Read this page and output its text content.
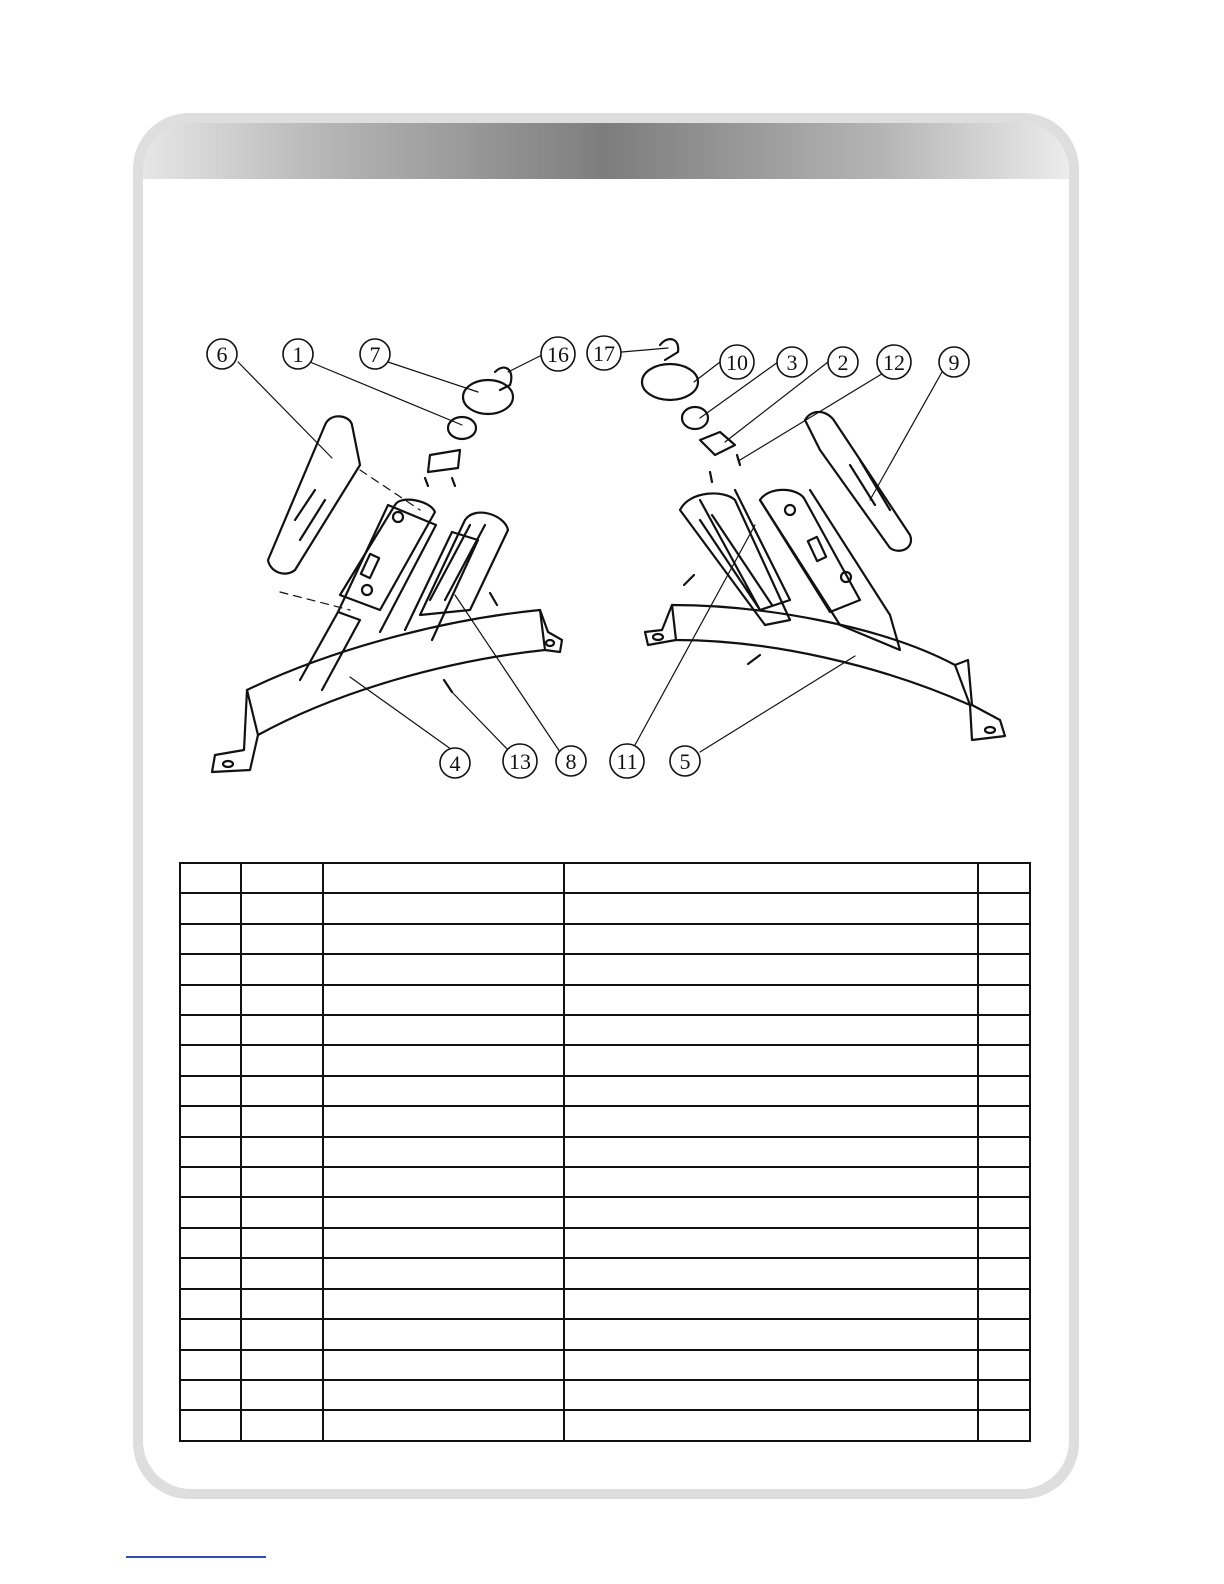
6	1	7	16
4 13 8
17	10 3 2 12 9
11 5
